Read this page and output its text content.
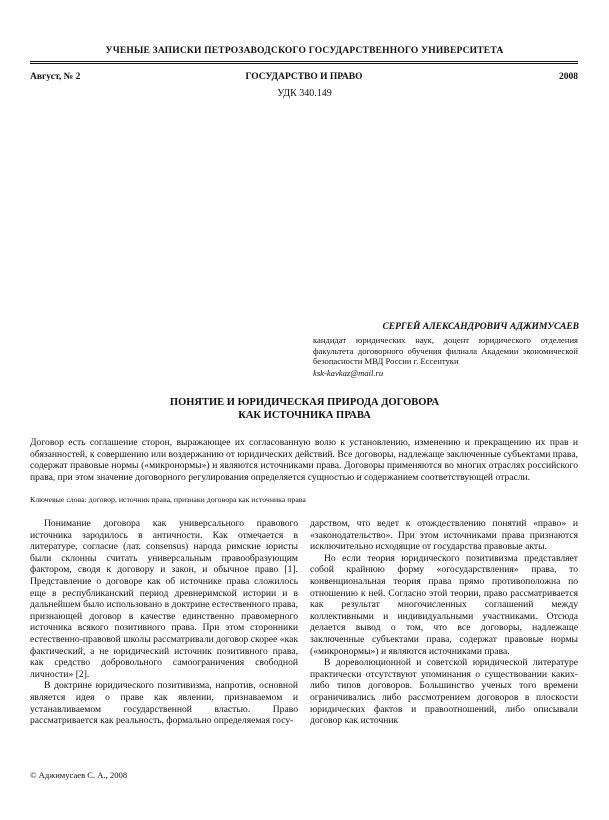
УЧЕНЫЕ ЗАПИСКИ ПЕТРОЗАВОДСКОГО ГОСУДАРСТВЕННОГО УНИВЕРСИТЕТА
Август, № 2	ГОСУДАРСТВО И ПРАВО	2008
УДК 340.149
СЕРГЕЙ АЛЕКСАНДРОВИЧ АДЖИМУСАЕВ
кандидат юридических наук, доцент юридического отделения факультета договорного обучения филиала Академии экономической безопасности МВД России г. Ессентуки
ksk-kavkaz@mail.ru
ПОНЯТИЕ И ЮРИДИЧЕСКАЯ ПРИРОДА ДОГОВОРА
КАК ИСТОЧНИКА ПРАВА
Договор есть соглашение сторон, выражающее их согласованную волю к установлению, изменению и прекращению их прав и обязанностей, к совершению или воздержанию от юридических действий. Все договоры, надлежаще заключенные субъектами права, содержат правовые нормы («микронормы») и являются источниками права. Договоры применяются во многих отраслях российского права, при этом значение договорного регулирования определяется сущностью и содержанием соответствующей отрасли.
Ключевые слова: договор, источник права, признаки договора как источника права

Понимание договора как универсального правового источника зародилось в античности. Как отмечается в литературе, согласие (лат. consensus) народа римские юристы были склонны считать универсальным правообразующим фактором, сводя к договору и закон, и обычное право [1]. Представление о договоре как об источнике права сложилось еще в республиканский период древнеримской истории и в дальнейшем было использовано в доктрине естественного права, признающей договор в качестве единственно правомерного источника всякого позитивного права. При этом сторонники естественно-правовой школы рассматривали договор скорее «как фактический, а не юридический источник позитивного права, как средство добровольного самоограничения свободной личности» [2].

В доктрине юридического позитивизма, напротив, основной является идея о праве как явлении, признаваемом и устанавливаемом государственной властью. Право рассматривается как реальность, формально определяемая госу-

дарством, что ведет к отождествлению понятий «право» и «законодательство». При этом источниками права признаются исключительно исходящие от государства правовые акты.

Но если теория юридического позитивизма представляет собой крайнюю форму «огосударствления» права, то конвенциональная теория права прямо противоположна по отношению к ней. Согласно этой теории, право рассматривается как результат многочисленных соглашений между коллективными и индивидуальными участниками. Отсюда делается вывод о том, что все договоры, надлежаще заключенные субъектами права, содержат правовые нормы («микронормы») и являются источниками права.

В дореволюционной и советской юридической литературе практически отсутствуют упоминания о существовании каких-либо типов договоров. Большинство ученых того времени ограничивались либо рассмотрением договоров в плоскости юридических фактов и правоотношений, либо описывали договор как источник

© Аджимусаев С. А., 2008
